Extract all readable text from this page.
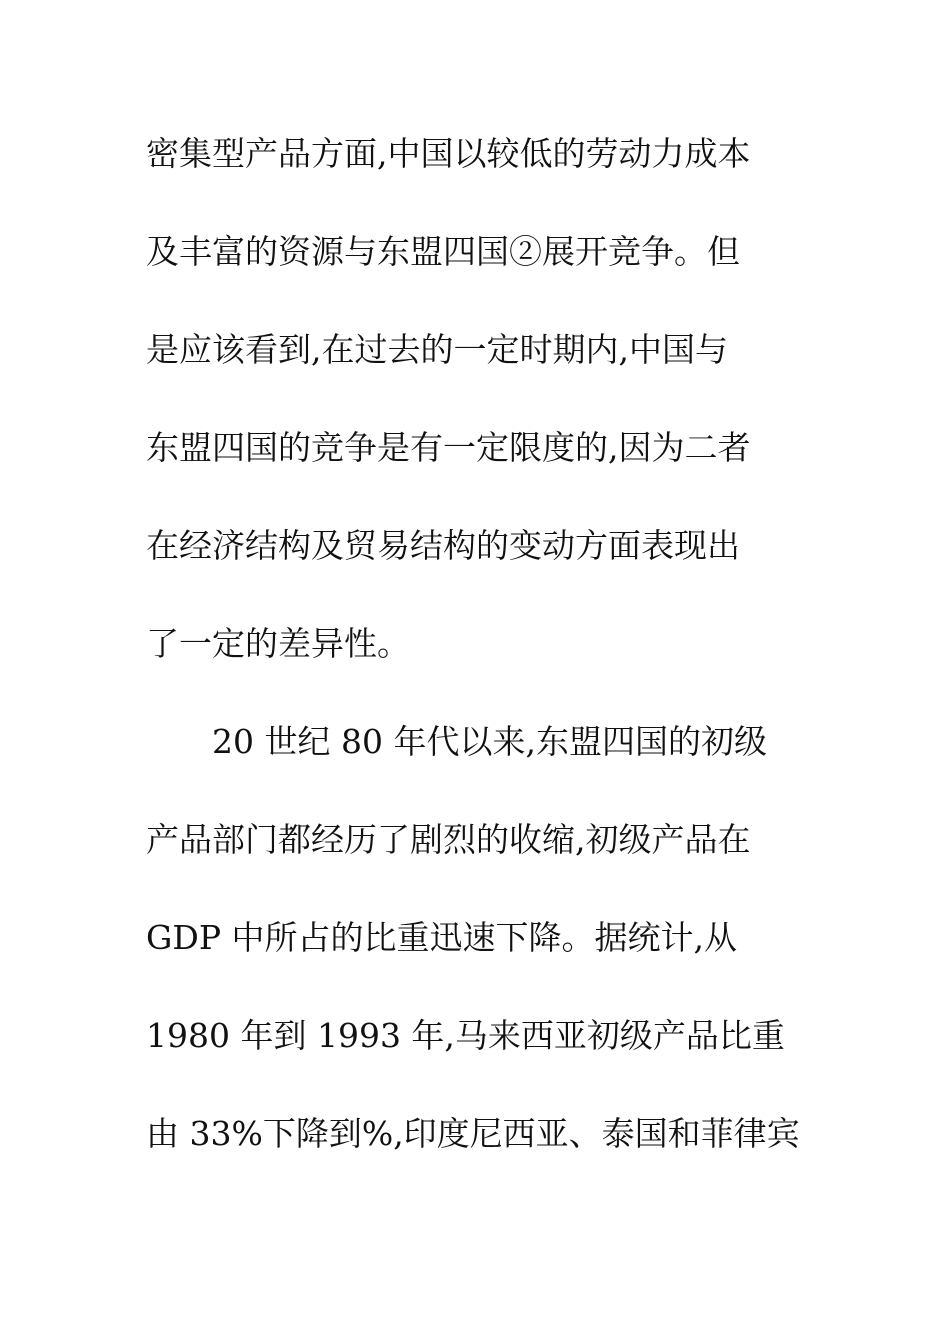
密集型产品方面,中国以较低的劳动力成本
及丰富的资源与东盟四国②展开竞争。但
是应该看到,在过去的一定时期内,中国与
东盟四国的竞争是有一定限度的,因为二者
在经济结构及贸易结构的变动方面表现出
了一定的差异性。
20 世纪 80 年代以来,东盟四国的初级
产品部门都经历了剧烈的收缩,初级产品在
GDP 中所占的比重迅速下降。据统计,从
1980 年到 1993 年,马来西亚初级产品比重
由 33%下降到%,印度尼西亚、泰国和菲律宾
